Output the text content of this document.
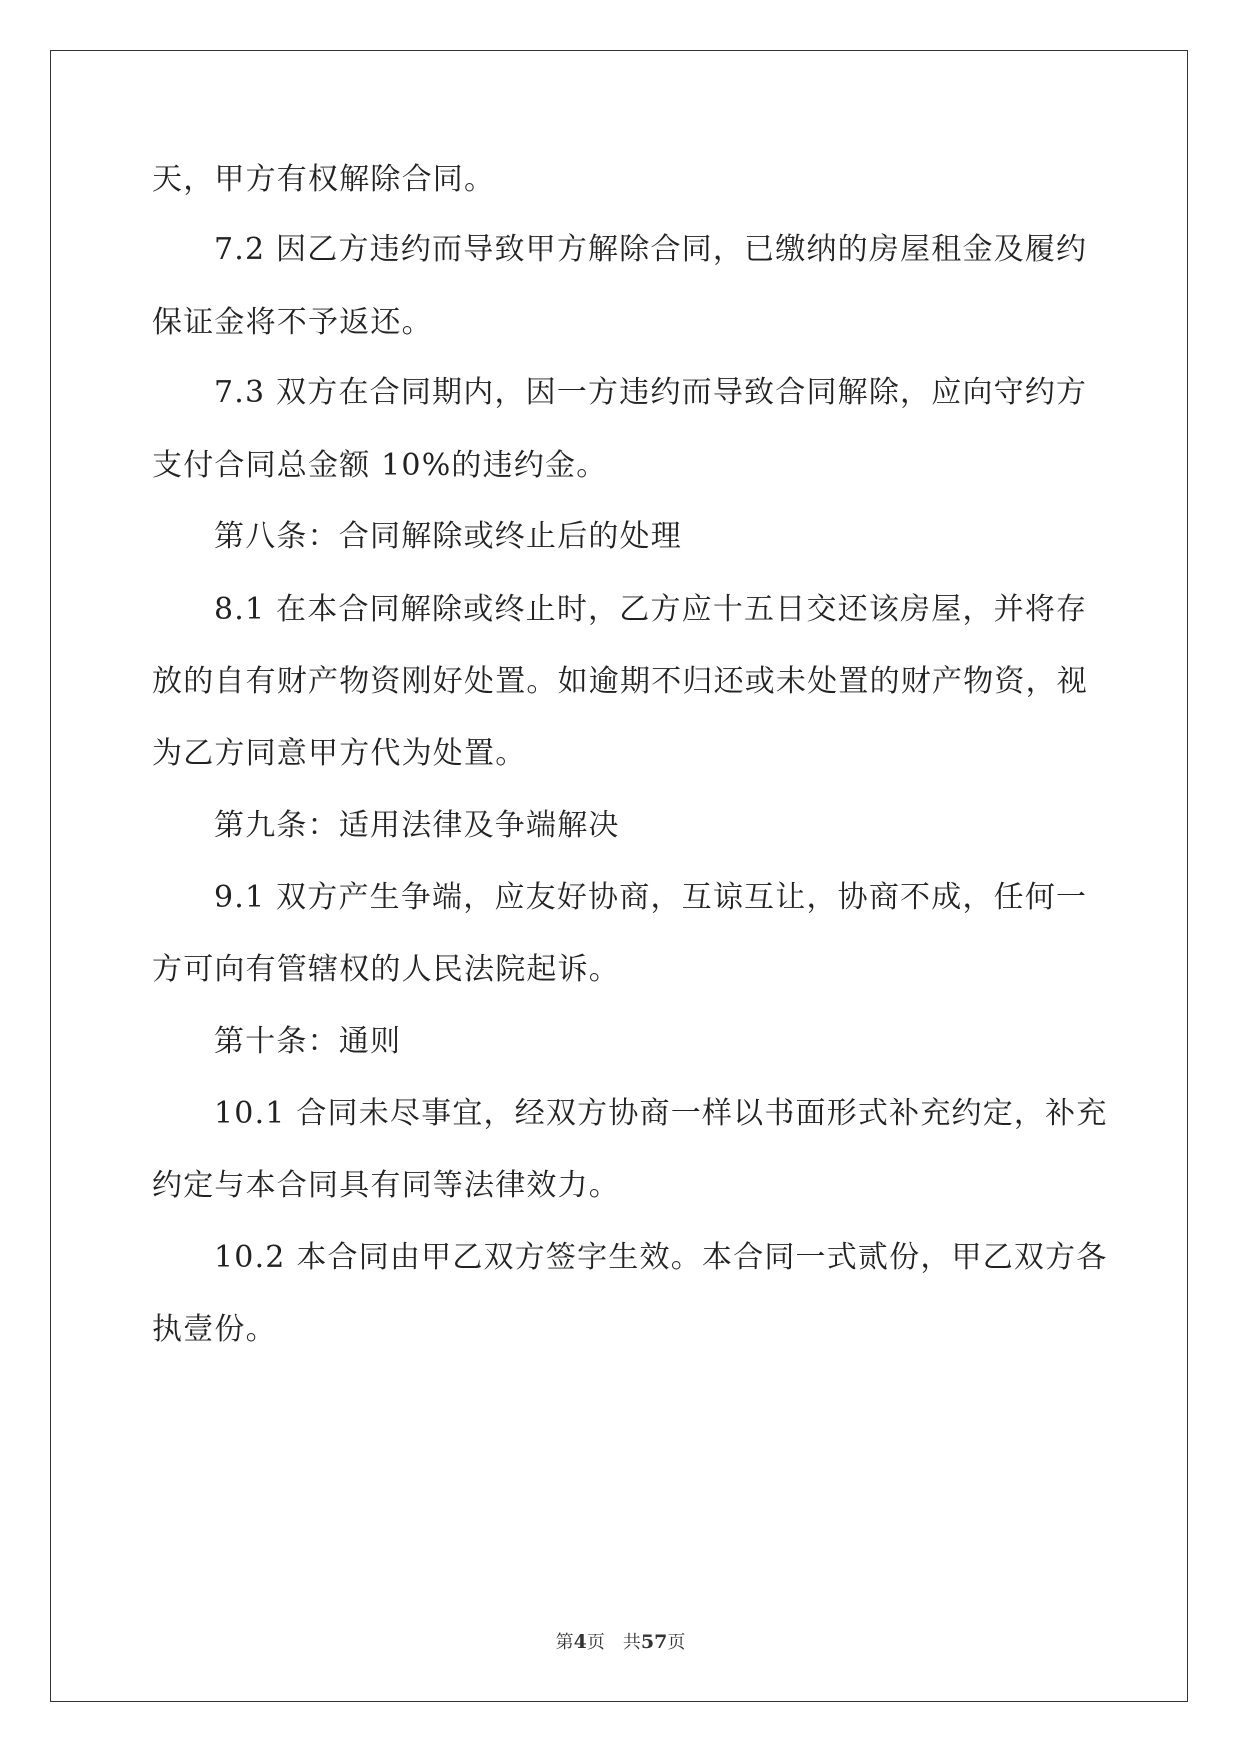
天，甲方有权解除合同。
7.2 因乙方违约而导致甲方解除合同，已缴纳的房屋租金及履约
保证金将不予返还。
7.3 双方在合同期内，因一方违约而导致合同解除，应向守约方
支付合同总金额 10%的违约金。
第八条：合同解除或终止后的处理
8.1 在本合同解除或终止时，乙方应十五日交还该房屋，并将存
放的自有财产物资刚好处置。如逾期不归还或未处置的财产物资，视
为乙方同意甲方代为处置。
第九条：适用法律及争端解决
9.1 双方产生争端，应友好协商，互谅互让，协商不成，任何一
方可向有管辖权的人民法院起诉。
第十条：通则
10.1 合同未尽事宜，经双方协商一样以书面形式补充约定，补充
约定与本合同具有同等法律效力。
10.2 本合同由甲乙双方签字生效。本合同一式贰份，甲乙双方各
执壹份。
第4页 共57页
